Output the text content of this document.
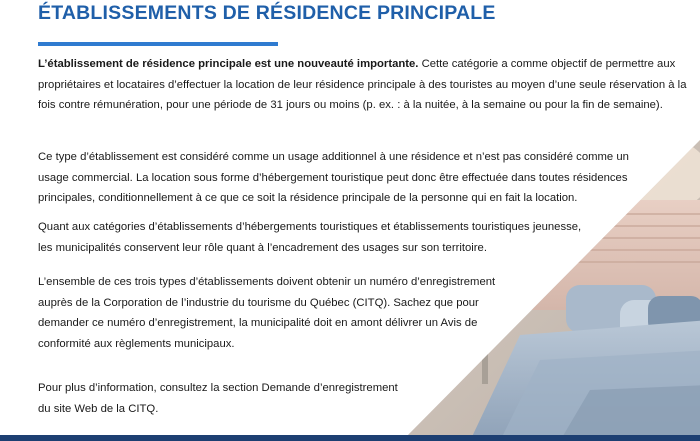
ÉTABLISSEMENTS DE RÉSIDENCE PRINCIPALE

L’établissement de résidence principale est une nouveauté importante. Cette catégorie a comme objectif de permettre aux propriétaires et locataires d’effectuer la location de leur résidence principale à des touristes au moyen d’une seule réservation à la fois contre rémunération, pour une période de 31 jours ou moins (p. ex. : à la nuitée, à la semaine ou pour la fin de semaine).

Ce type d’établissement est considéré comme un usage additionnel à une résidence et n’est pas considéré comme un
usage commercial. La location sous forme d’hébergement touristique peut donc être effectuée dans toutes résidences
principales, conditionnellement à ce que ce soit la résidence principale de la personne qui en fait la location.

Quant aux catégories d’établissements d’hébergements touristiques et établissements touristiques jeunesse,
les municipalités conservent leur rôle quant à l’encadrement des usages sur son territoire.

L’ensemble de ces trois types d’établissements doivent obtenir un numéro d’enregistrement
auprès de la Corporation de l’industrie du tourisme du Québec (CITQ). Sachez que pour
demander ce numéro d’enregistrement, la municipalité doit en amont délivrer un Avis de
conformité aux règlements municipaux.

Pour plus d’information, consultez la section Demande d’enregistrement
du site Web de la CITQ.
